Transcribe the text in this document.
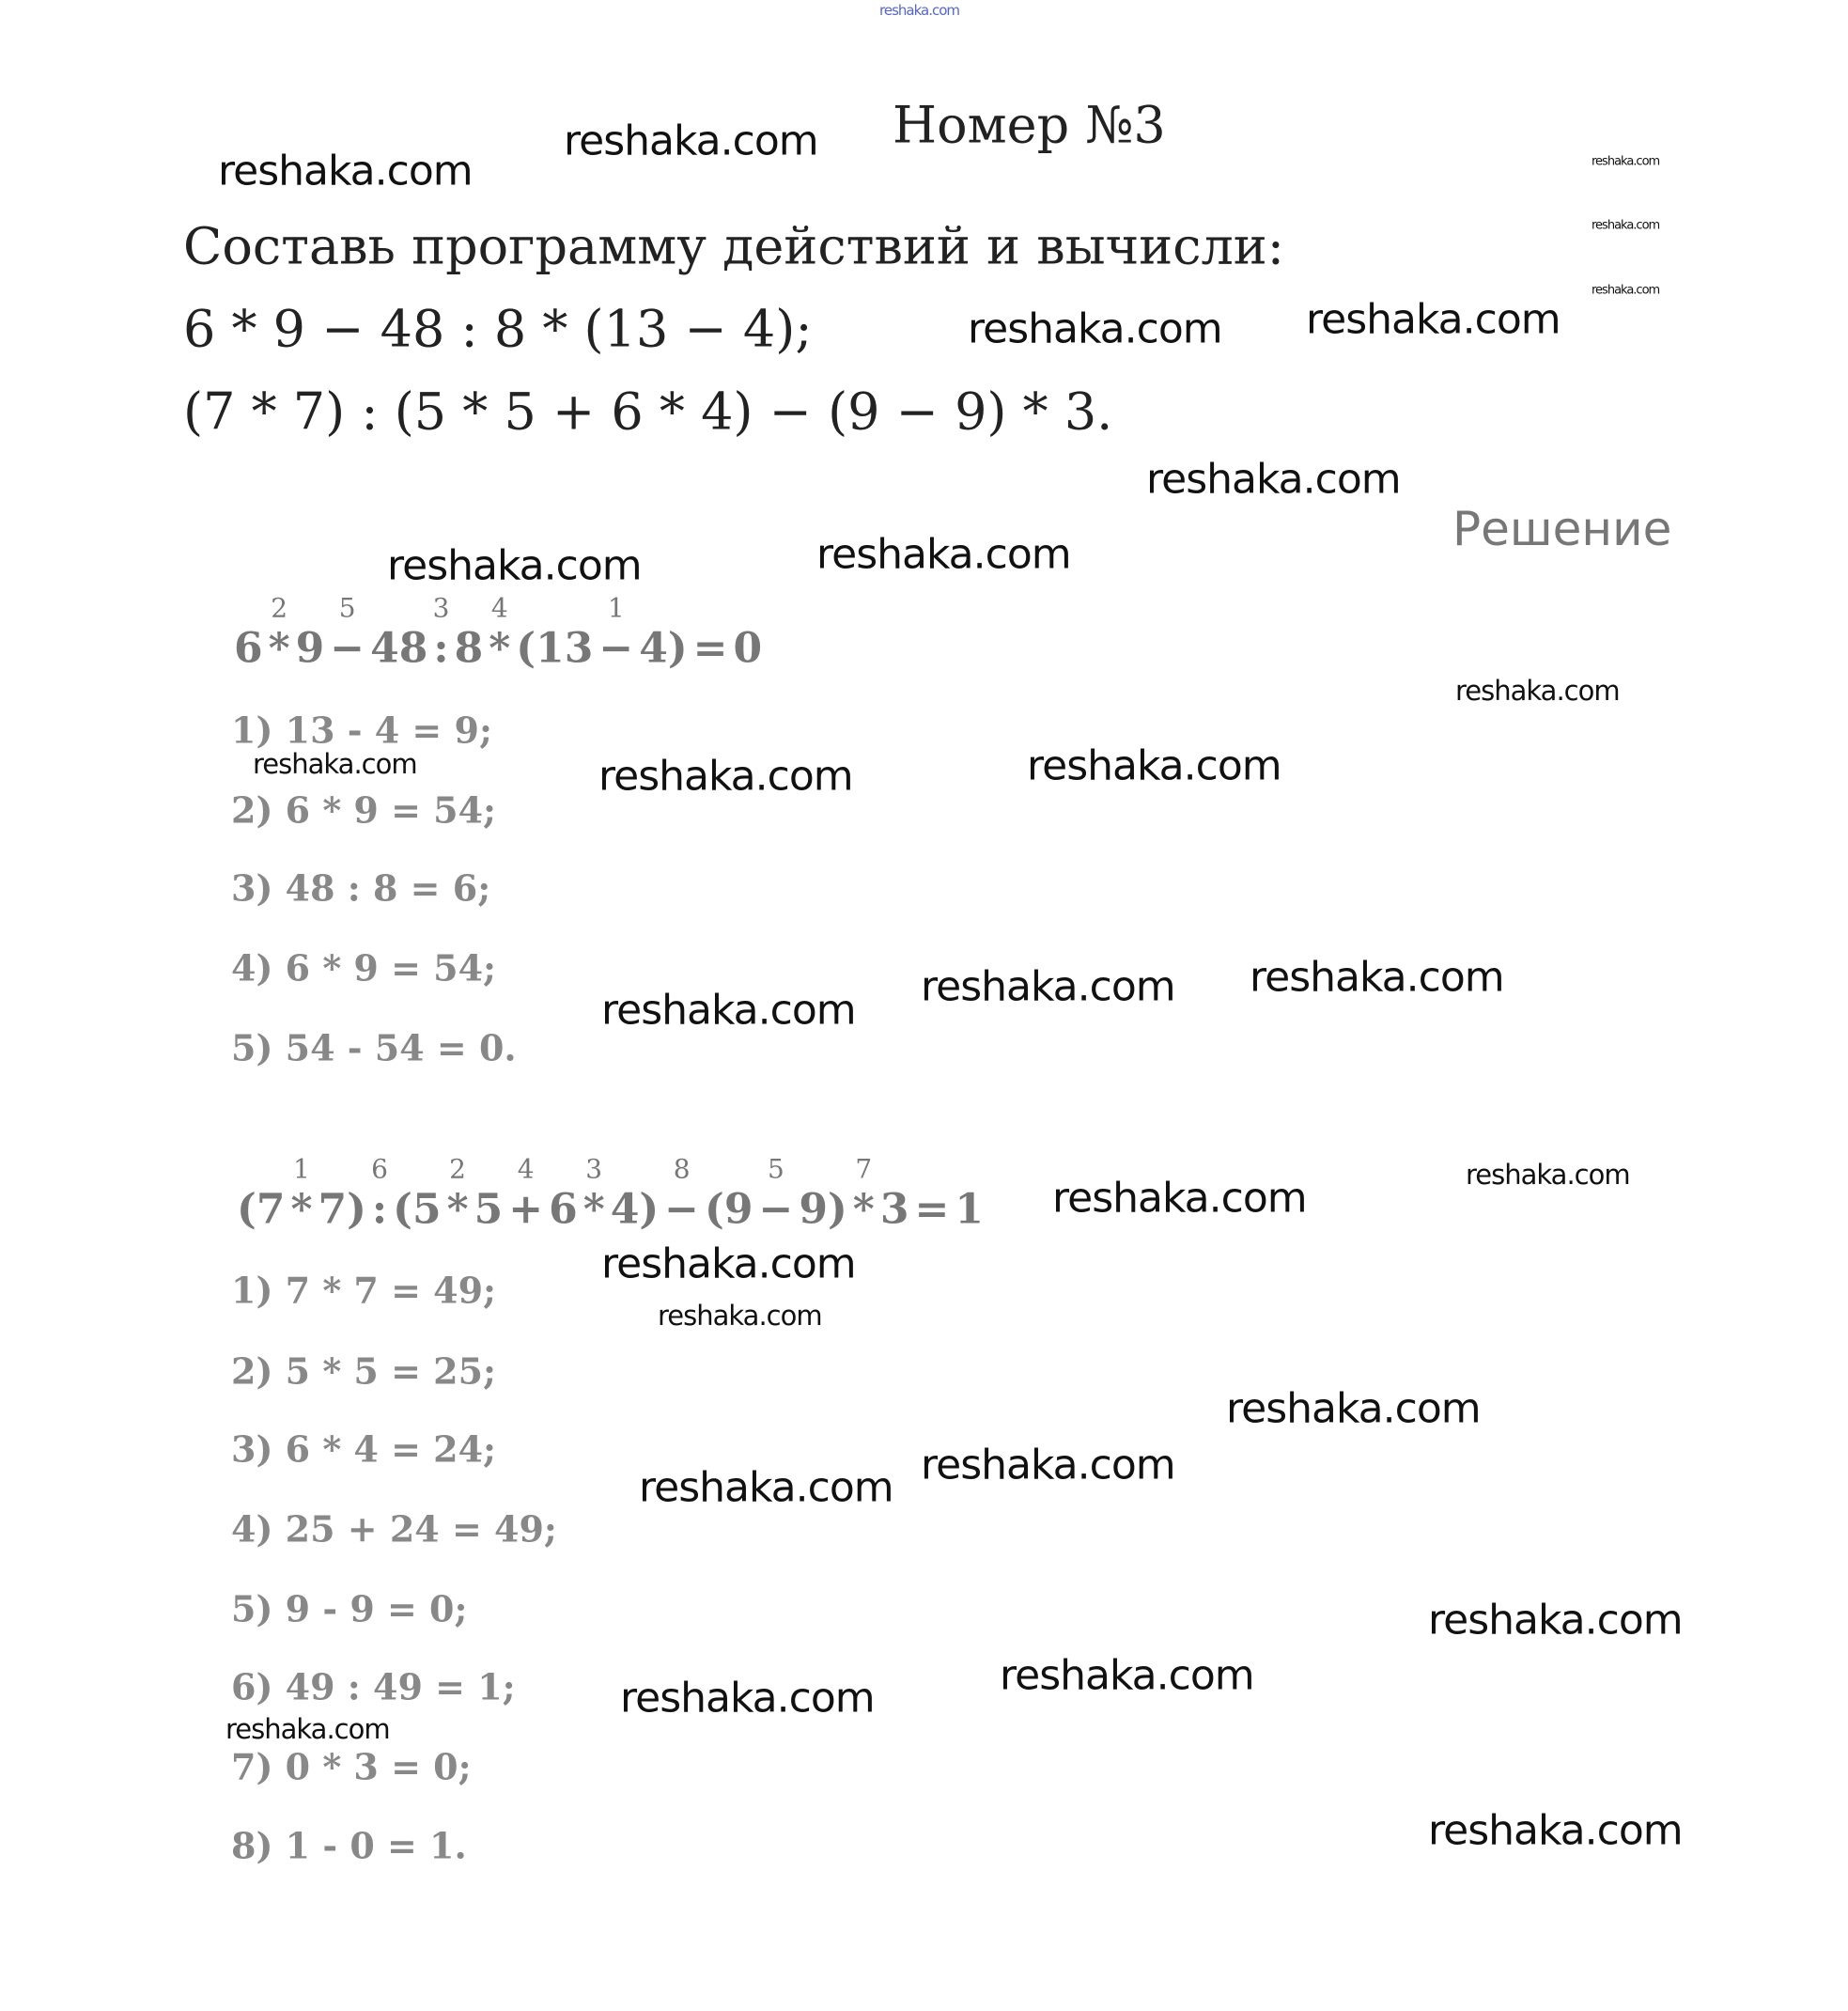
reshaka.com
Номер №3
Составь программу действий и вычисли:
6 * 9 − 48 : 8 * (13 − 4);
(7 * 7) : (5 * 5 + 6 * 4) − (9 − 9) * 3.
Решение
6 *
2
9 −
5
48 :
3
8 *
4
(13 −
1
4) = 0
1) 13 - 4 = 9;
2) 6 * 9 = 54;
3) 48 : 8 = 6;
4) 6 * 9 = 54;
5) 54 - 54 = 0.
(7 *
1
7) :
6
(5 *
2
5 +
4
6 *
3
4) −
8
(9 −
5
9) *
7
3 = 1
1) 7 * 7 = 49;
2) 5 * 5 = 25;
3) 6 * 4 = 24;
4) 25 + 24 = 49;
5) 9 - 9 = 0;
6) 49 : 49 = 1;
7) 0 * 3 = 0;
8) 1 - 0 = 1.
reshaka.com	reshaka.com
reshaka.com
reshaka.com
reshaka.com
reshaka.com
reshaka.com
reshaka.com
reshaka.com	reshaka.com
reshaka.com
reshaka.com	reshaka.com	reshaka.com
reshaka.com reshaka.com
reshaka.com
reshaka.com	reshaka.com
reshaka.com
reshaka.com
reshaka.com
reshaka.com
reshaka.com
reshaka.com
reshaka.com
reshaka.com
reshaka.com
reshaka.com
